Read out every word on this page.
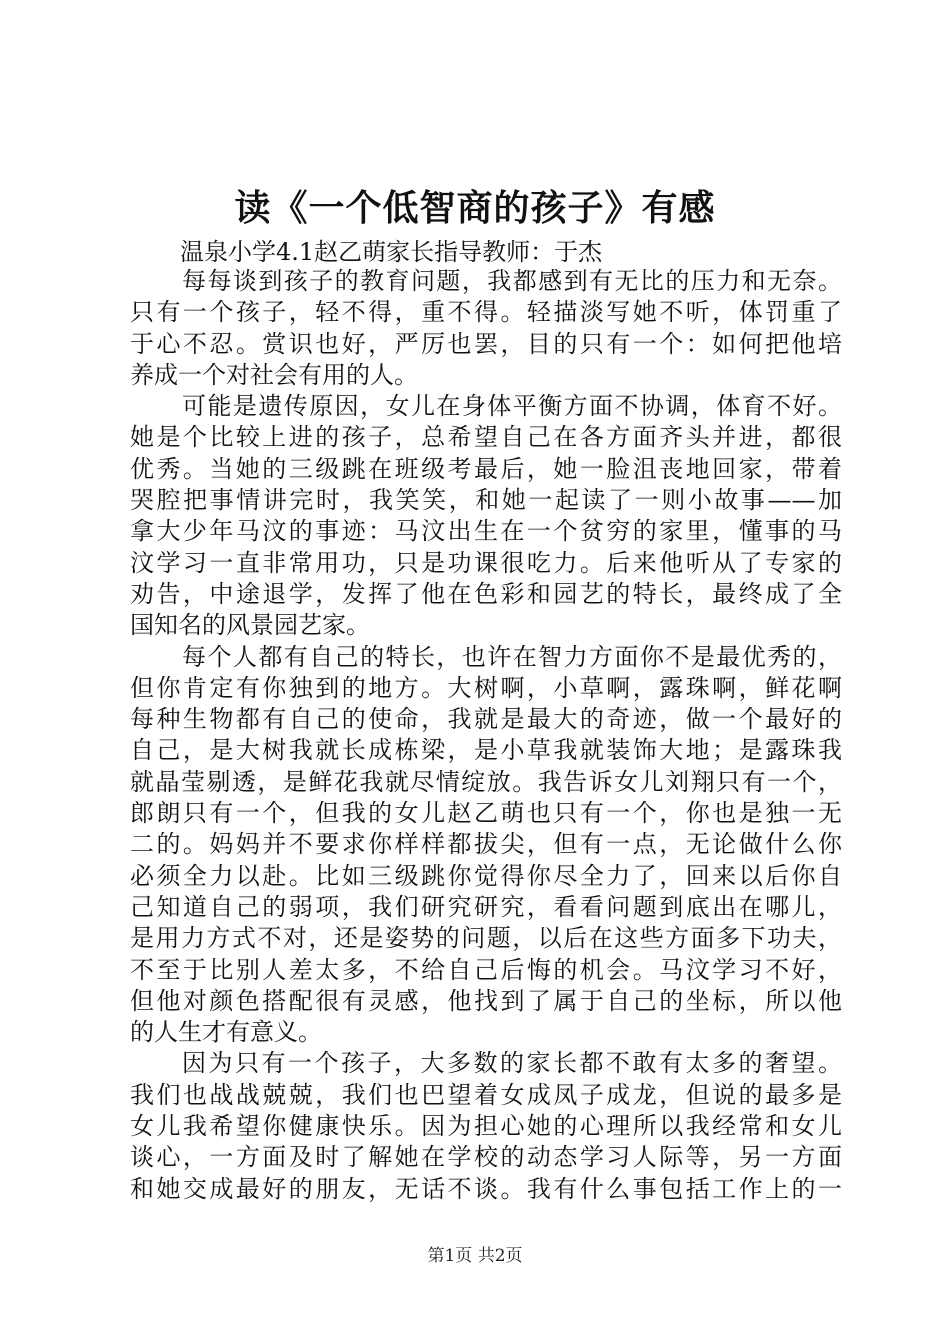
读《一个低智商的孩子》有感
温泉小学4.1赵乙萌家长指导教师：于杰
每每谈到孩子的教育问题，我都感到有无比的压力和无奈。
只有一个孩子，轻不得，重不得。轻描淡写她不听，体罚重了
于心不忍。赏识也好，严厉也罢，目的只有一个：如何把他培
养成一个对社会有用的人。
可能是遗传原因，女儿在身体平衡方面不协调，体育不好。
她是个比较上进的孩子，总希望自己在各方面齐头并进，都很
优秀。当她的三级跳在班级考最后，她一脸沮丧地回家，带着
哭腔把事情讲完时，我笑笑，和她一起读了一则小故事——加
拿大少年马汶的事迹：马汶出生在一个贫穷的家里，懂事的马
汶学习一直非常用功，只是功课很吃力。后来他听从了专家的
劝告，中途退学，发挥了他在色彩和园艺的特长，最终成了全
国知名的风景园艺家。
每个人都有自己的特长，也许在智力方面你不是最优秀的，
但你肯定有你独到的地方。大树啊，小草啊，露珠啊，鲜花啊
每种生物都有自己的使命，我就是最大的奇迹，做一个最好的
自己，是大树我就长成栋梁，是小草我就装饰大地；是露珠我
就晶莹剔透，是鲜花我就尽情绽放。我告诉女儿刘翔只有一个，
郎朗只有一个，但我的女儿赵乙萌也只有一个，你也是独一无
二的。妈妈并不要求你样样都拔尖，但有一点，无论做什么你
必须全力以赴。比如三级跳你觉得你尽全力了，回来以后你自
己知道自己的弱项，我们研究研究，看看问题到底出在哪儿，
是用力方式不对，还是姿势的问题，以后在这些方面多下功夫，
不至于比别人差太多，不给自己后悔的机会。马汶学习不好，
但他对颜色搭配很有灵感，他找到了属于自己的坐标，所以他
的人生才有意义。
因为只有一个孩子，大多数的家长都不敢有太多的奢望。
我们也战战兢兢，我们也巴望着女成凤子成龙，但说的最多是
女儿我希望你健康快乐。因为担心她的心理所以我经常和女儿
谈心，一方面及时了解她在学校的动态学习人际等，另一方面
和她交成最好的朋友，无话不谈。我有什么事包括工作上的一
第1页 共2页
